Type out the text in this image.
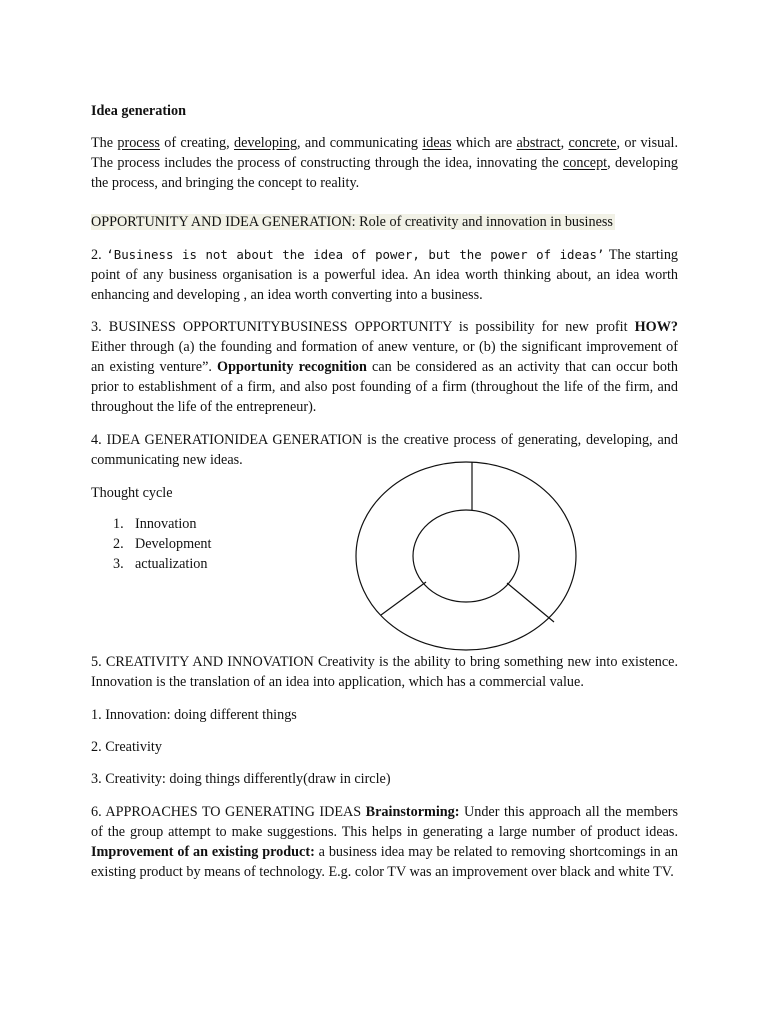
Idea generation

The process of creating, developing, and communicating ideas which are abstract, concrete, or visual. The process includes the process of constructing through the idea, innovating the concept, developing the process, and bringing the concept to reality.

OPPORTUNITY AND IDEA GENERATION: Role of creativity and innovation in business

2. ‘Business is not about the idea of power, but the power of ideas’ The starting point of any business organisation is a powerful idea. An idea worth thinking about, an idea worth enhancing and developing , an idea worth converting into a business.

3. BUSINESS OPPORTUNITYBUSINESS OPPORTUNITY is possibility for new profit HOW? Either through (a) the founding and formation of anew venture, or (b) the significant improvement of an existing venture”. Opportunity recognition can be considered as an activity that can occur both prior to establishment of a firm, and also post founding of a firm (throughout the life of the firm, and throughout the life of the entrepreneur).

4. IDEA GENERATIONIDEA GENERATION is the creative process of generating, developing, and communicating new ideas.

Thought cycle

1. Innovation
2. Development
3. actualization

5. CREATIVITY AND INNOVATION Creativity is the ability to bring something new into existence. Innovation is the translation of an idea into application, which has a commercial value.

1. Innovation: doing different things

2. Creativity

3. Creativity: doing things differently(draw in circle)

6. APPROACHES TO GENERATING IDEAS Brainstorming: Under this approach all the members of the group attempt to make suggestions. This helps in generating a large number of product ideas. Improvement of an existing product: a business idea may be related to removing shortcomings in an existing product by means of technology. E.g. color TV was an improvement over black and white TV.
